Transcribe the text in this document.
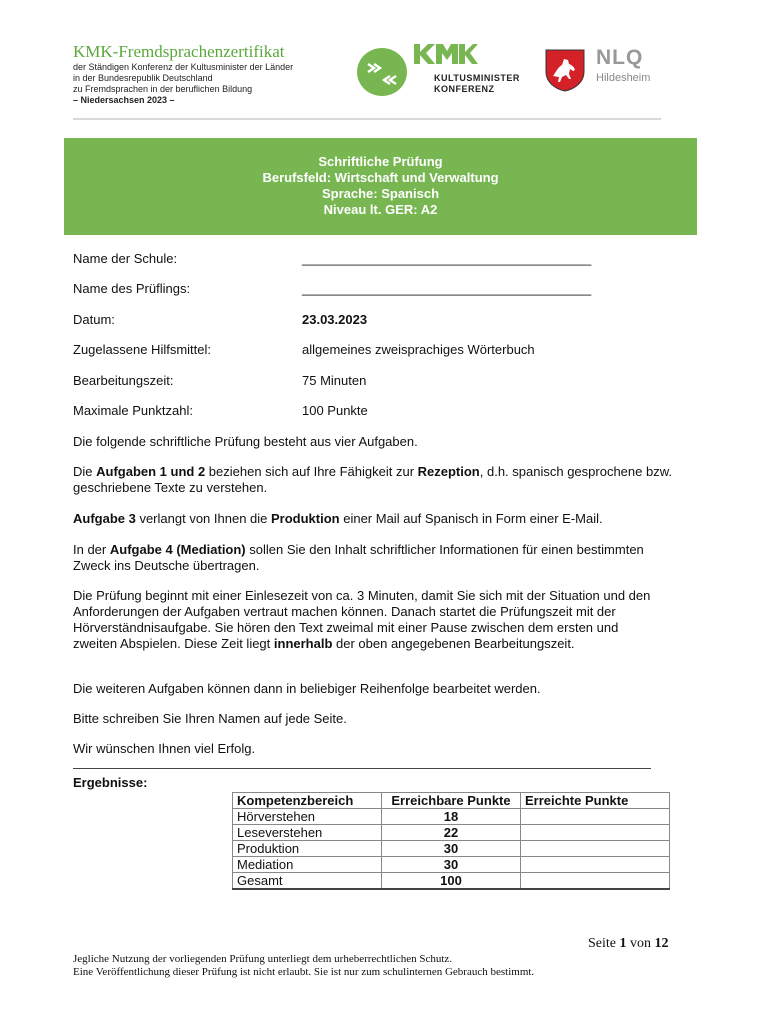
KMK-Fremdsprachenzertifikat
der Ständigen Konferenz der Kultusminister der Länder
in der Bundesrepublik Deutschland
zu Fremdsprachen in der beruflichen Bildung
– Niedersachsen 2023 –
KULTUSMINISTER
KONFERENZ
NLQ
Hildesheim
Schriftliche Prüfung
Berufsfeld: Wirtschaft und Verwaltung
Sprache: Spanisch
Niveau lt. GER: A2
Name der Schule:	________________________________________
Name des Prüflings:	________________________________________
Datum:	23.03.2023
Zugelassene Hilfsmittel:	allgemeines zweisprachiges Wörterbuch
Bearbeitungszeit:	75 Minuten
Maximale Punktzahl:	100 Punkte
Die folgende schriftliche Prüfung besteht aus vier Aufgaben.
Die Aufgaben 1 und 2 beziehen sich auf Ihre Fähigkeit zur Rezeption, d.h. spanisch gesprochene bzw. geschriebene Texte zu verstehen.
Aufgabe 3 verlangt von Ihnen die Produktion einer Mail auf Spanisch in Form einer E-Mail.
In der Aufgabe 4 (Mediation) sollen Sie den Inhalt schriftlicher Informationen für einen bestimmten Zweck ins Deutsche übertragen.
Die Prüfung beginnt mit einer Einlesezeit von ca. 3 Minuten, damit Sie sich mit der Situation und den Anforderungen der Aufgaben vertraut machen können. Danach startet die Prüfungszeit mit der Hörverständnisaufgabe. Sie hören den Text zweimal mit einer Pause zwischen dem ersten und zweiten Abspielen. Diese Zeit liegt innerhalb der oben angegebenen Bearbeitungszeit.
Die weiteren Aufgaben können dann in beliebiger Reihenfolge bearbeitet werden.
Bitte schreiben Sie Ihren Namen auf jede Seite.
Wir wünschen Ihnen viel Erfolg.
Ergebnisse:
Kompetenzbereich	Erreichbare Punkte	Erreichte Punkte
Hörverstehen	18	
Leseverstehen	22	
Produktion	30	
Mediation	30	
Gesamt	100	
Seite 1 von 12
Jegliche Nutzung der vorliegenden Prüfung unterliegt dem urheberrechtlichen Schutz.
Eine Veröffentlichung dieser Prüfung ist nicht erlaubt. Sie ist nur zum schulinternen Gebrauch bestimmt.
